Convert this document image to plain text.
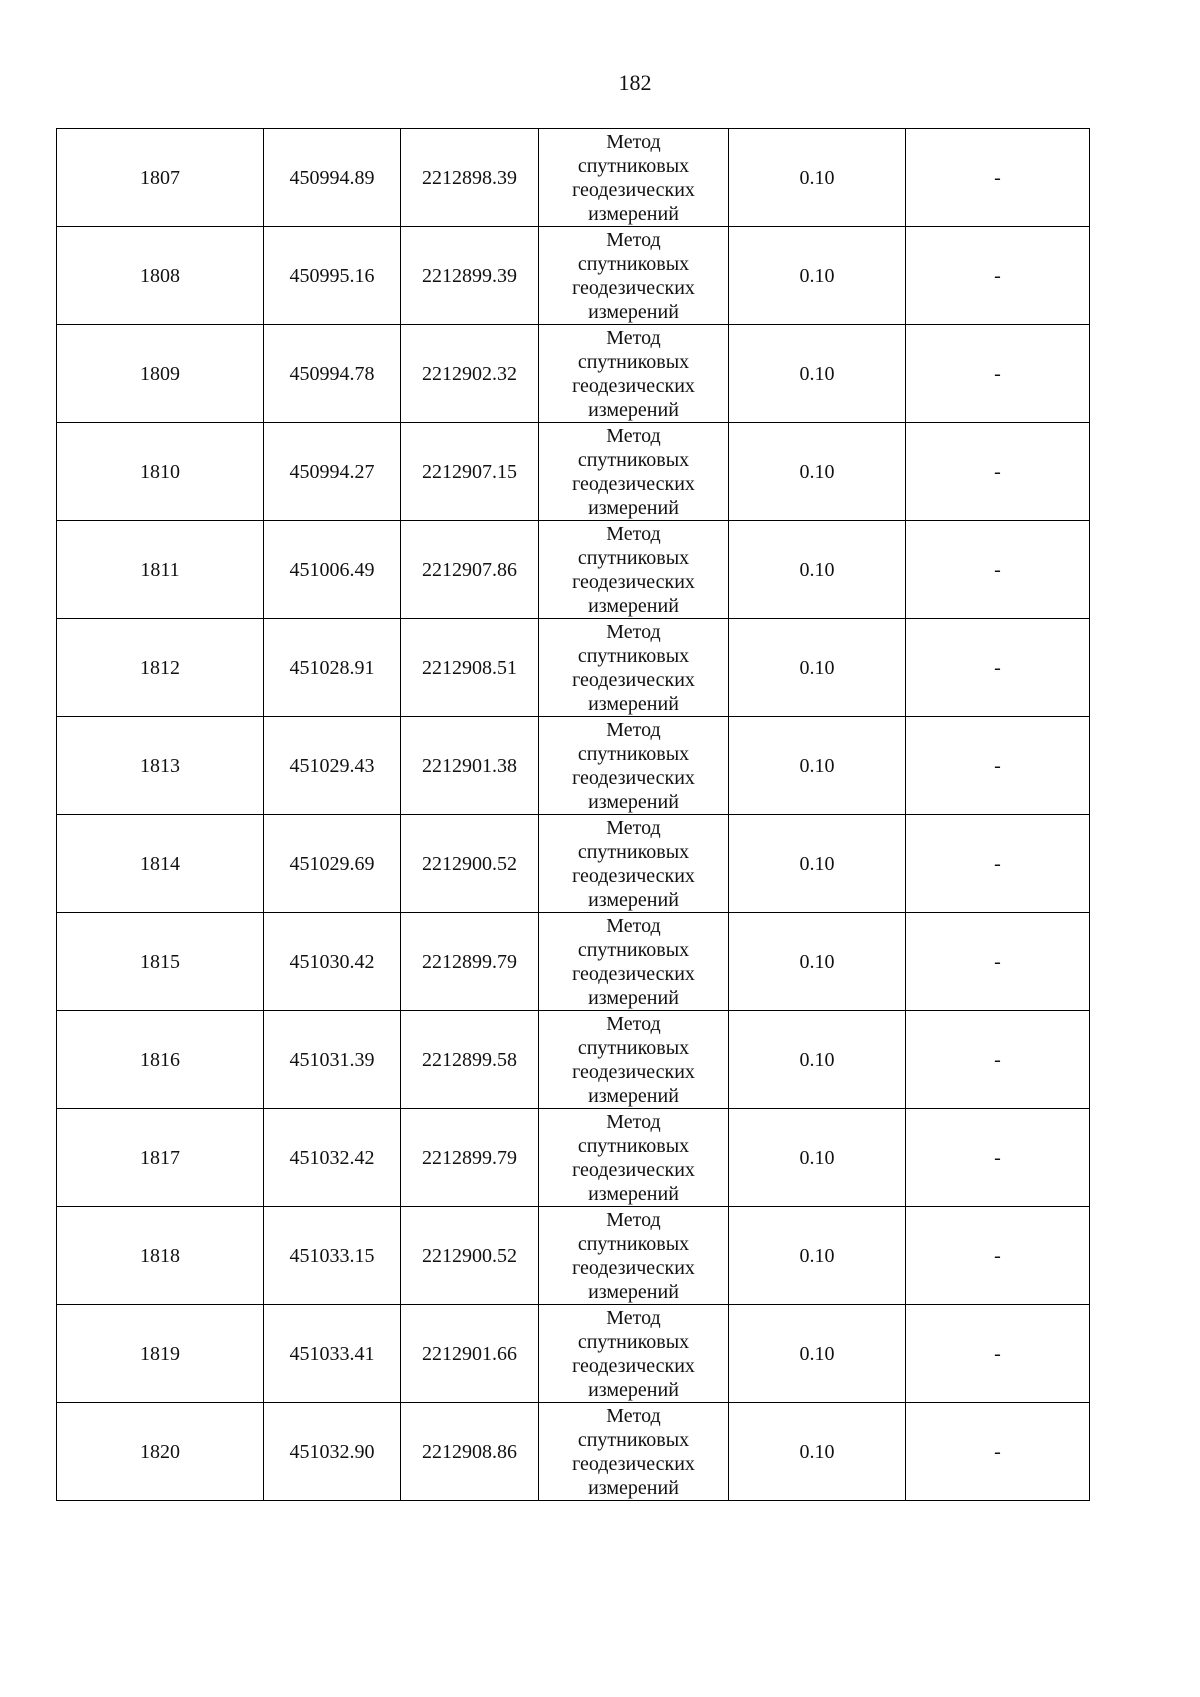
182
1807	450994.89	2212898.39	Метод
спутниковых
геодезических
измерений	0.10	-
1808	450995.16	2212899.39	Метод
спутниковых
геодезических
измерений	0.10	-
1809	450994.78	2212902.32	Метод
спутниковых
геодезических
измерений	0.10	-
1810	450994.27	2212907.15	Метод
спутниковых
геодезических
измерений	0.10	-
1811	451006.49	2212907.86	Метод
спутниковых
геодезических
измерений	0.10	-
1812	451028.91	2212908.51	Метод
спутниковых
геодезических
измерений	0.10	-
1813	451029.43	2212901.38	Метод
спутниковых
геодезических
измерений	0.10	-
1814	451029.69	2212900.52	Метод
спутниковых
геодезических
измерений	0.10	-
1815	451030.42	2212899.79	Метод
спутниковых
геодезических
измерений	0.10	-
1816	451031.39	2212899.58	Метод
спутниковых
геодезических
измерений	0.10	-
1817	451032.42	2212899.79	Метод
спутниковых
геодезических
измерений	0.10	-
1818	451033.15	2212900.52	Метод
спутниковых
геодезических
измерений	0.10	-
1819	451033.41	2212901.66	Метод
спутниковых
геодезических
измерений	0.10	-
1820	451032.90	2212908.86	Метод
спутниковых
геодезических
измерений	0.10	-
